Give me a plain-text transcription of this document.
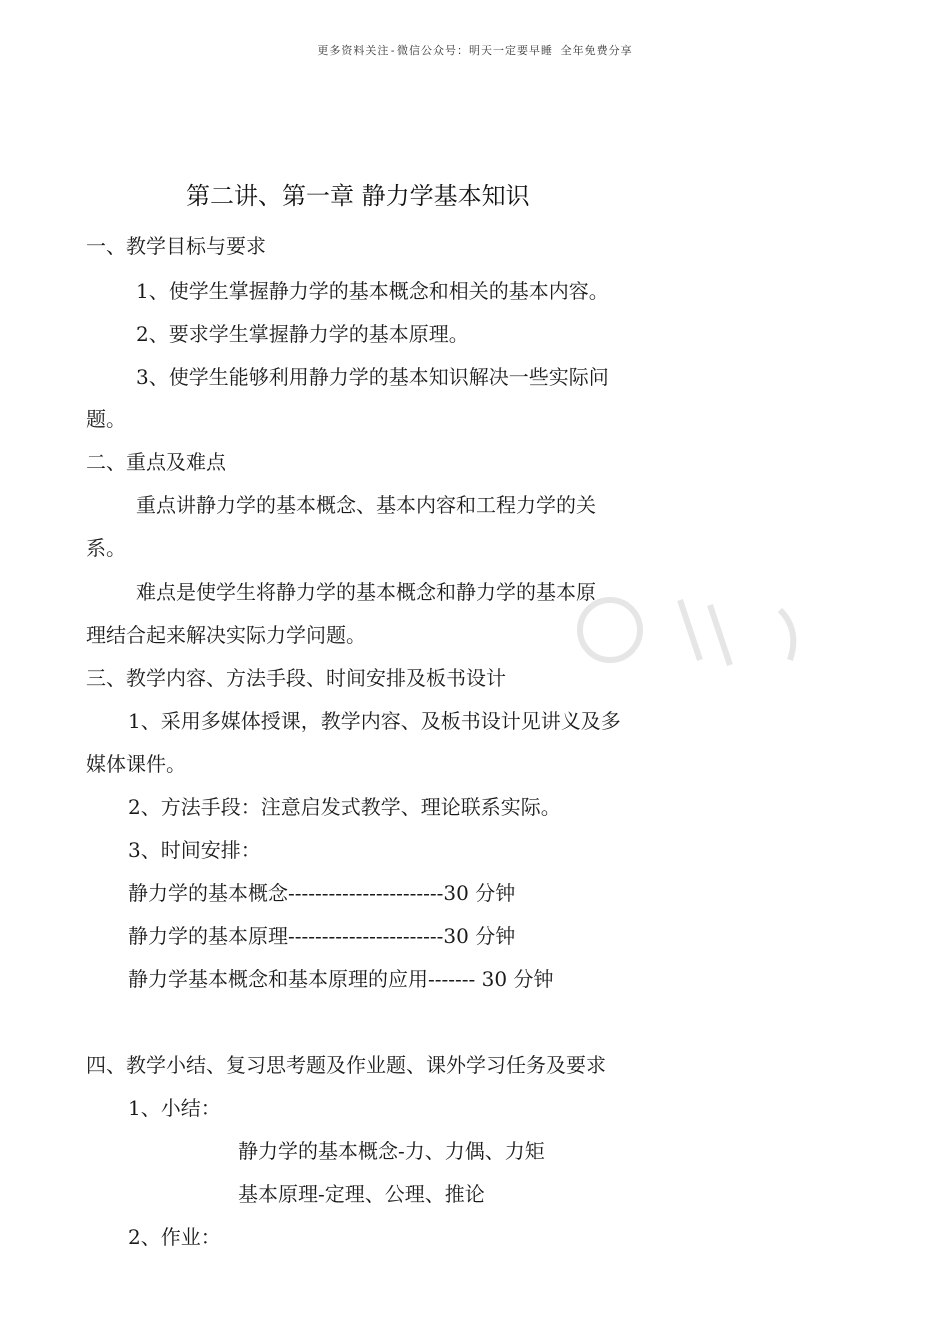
更多资料关注-微信公众号：明天一定要早睡 全年免费分享
第二讲、第一章 静力学基本知识
一、教学目标与要求
1、使学生掌握静力学的基本概念和相关的基本内容。
2、要求学生掌握静力学的基本原理。
3、使学生能够利用静力学的基本知识解决一些实际问
题。
二、重点及难点
重点讲静力学的基本概念、基本内容和工程力学的关
系。
难点是使学生将静力学的基本概念和静力学的基本原
理结合起来解决实际力学问题。
三、教学内容、方法手段、时间安排及板书设计
1、采用多媒体授课，教学内容、及板书设计见讲义及多
媒体课件。
2、方法手段：注意启发式教学、理论联系实际。
3、时间安排：
静力学的基本概念-----------------------30 分钟
静力学的基本原理-----------------------30 分钟
静力学基本概念和基本原理的应用------- 30 分钟
四、教学小结、复习思考题及作业题、课外学习任务及要求
1、小结：
静力学的基本概念-力、力偶、力矩
基本原理-定理、公理、推论
2、作业：
